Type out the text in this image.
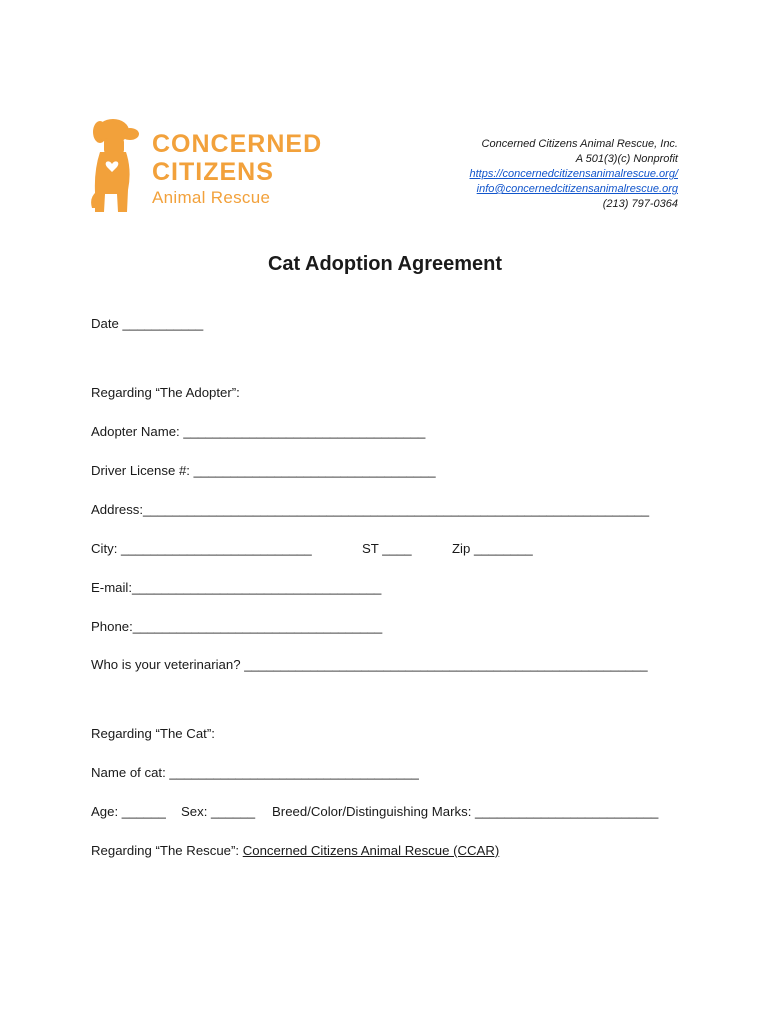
CONCERNED
CITIZENS
Animal Rescue
Concerned Citizens Animal Rescue, Inc.
A 501(3)(c) Nonprofit
https://concernedcitizensanimalrescue.org/
info@concernedcitizensanimalrescue.org
(213) 797-0364
Cat Adoption Agreement
Date ___________
Regarding “The Adopter”:
Adopter Name: _________________________________
Driver License #: _________________________________
Address:_____________________________________________________________________
City: __________________________	ST ____	Zip ________
E-mail:__________________________________
Phone:__________________________________
Who is your veterinarian? _______________________________________________________
Regarding “The Cat”:
Name of cat: __________________________________
Age: ______ Sex: ______ Breed/Color/Distinguishing Marks: _________________________
Regarding “The Rescue”: Concerned Citizens Animal Rescue (CCAR)
